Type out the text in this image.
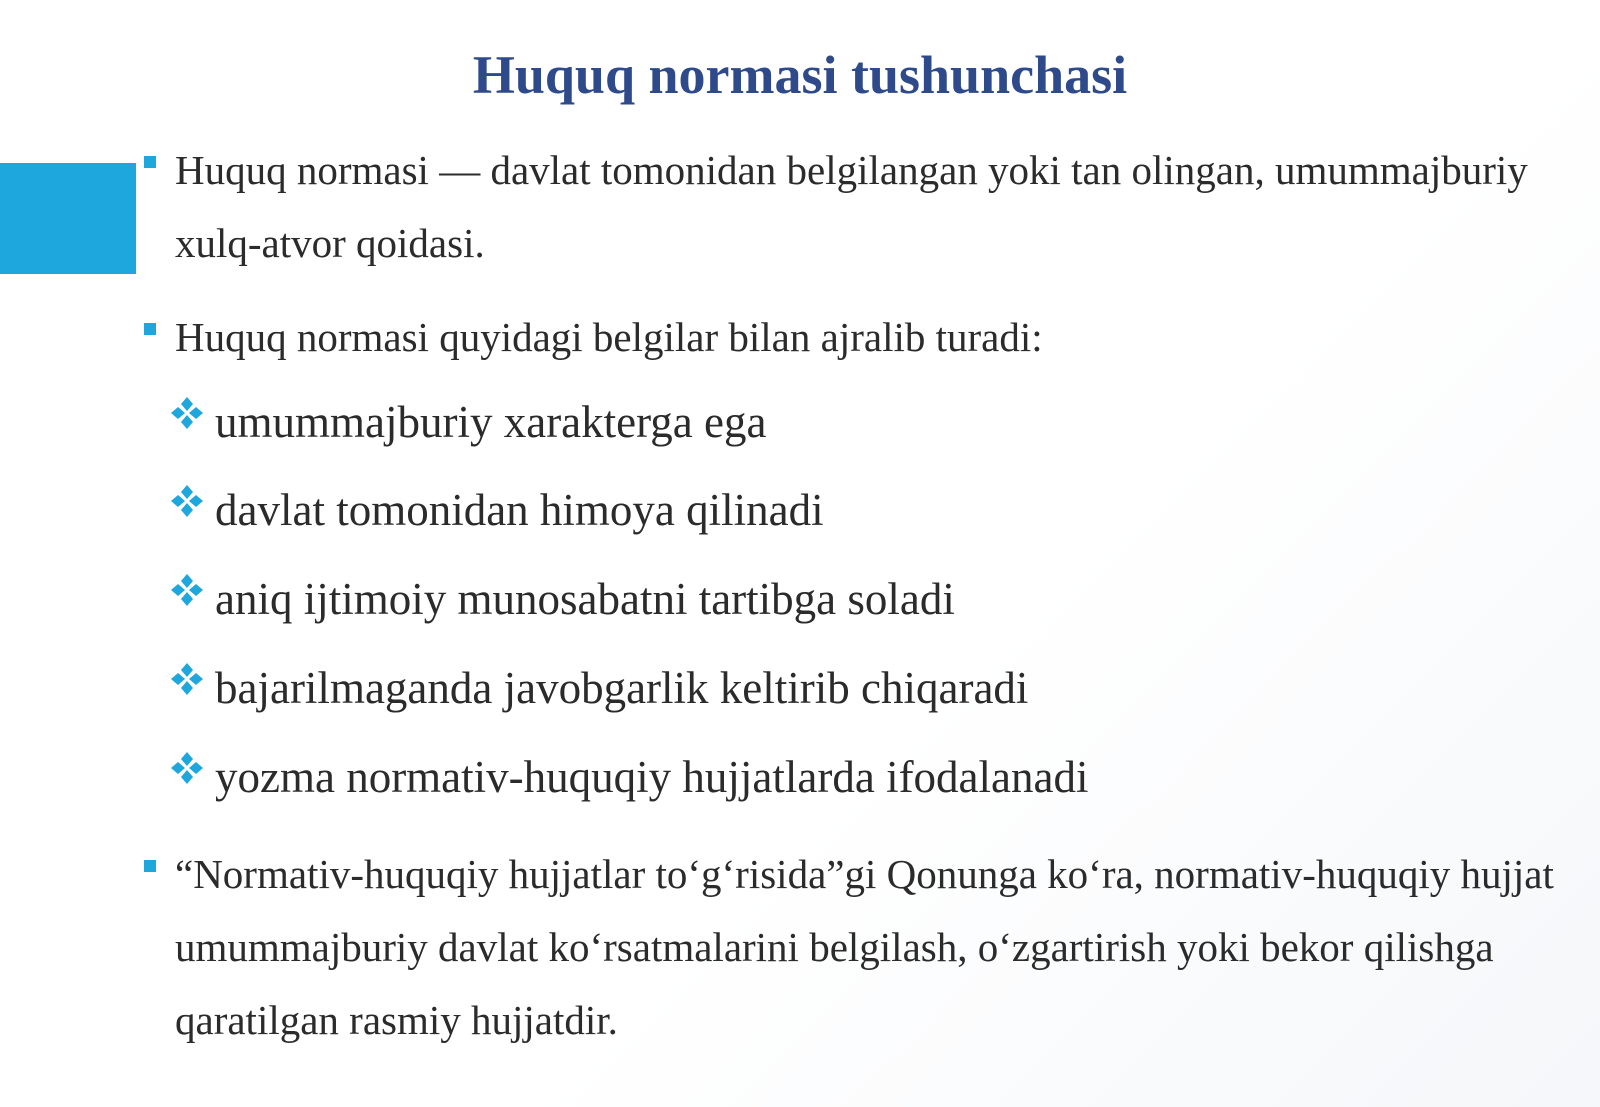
Huquq normasi tushunchasi
Huquq normasi — davlat tomonidan belgilangan yoki tan olingan, umummajburiy xulq-atvor qoidasi.
Huquq normasi quyidagi belgilar bilan ajralib turadi:
umummajburiy xarakterga ega
davlat tomonidan himoya qilinadi
aniq ijtimoiy munosabatni tartibga soladi
bajarilmaganda javobgarlik keltirib chiqaradi
yozma normativ-huquqiy hujjatlarda ifodalanadi
“Normativ-huquqiy hujjatlar to‘g‘risida”gi Qonunga ko‘ra, normativ-huquqiy hujjat umummajburiy davlat ko‘rsatmalarini belgilash, o‘zgartirish yoki bekor qilishga qaratilgan rasmiy hujjatdir.
